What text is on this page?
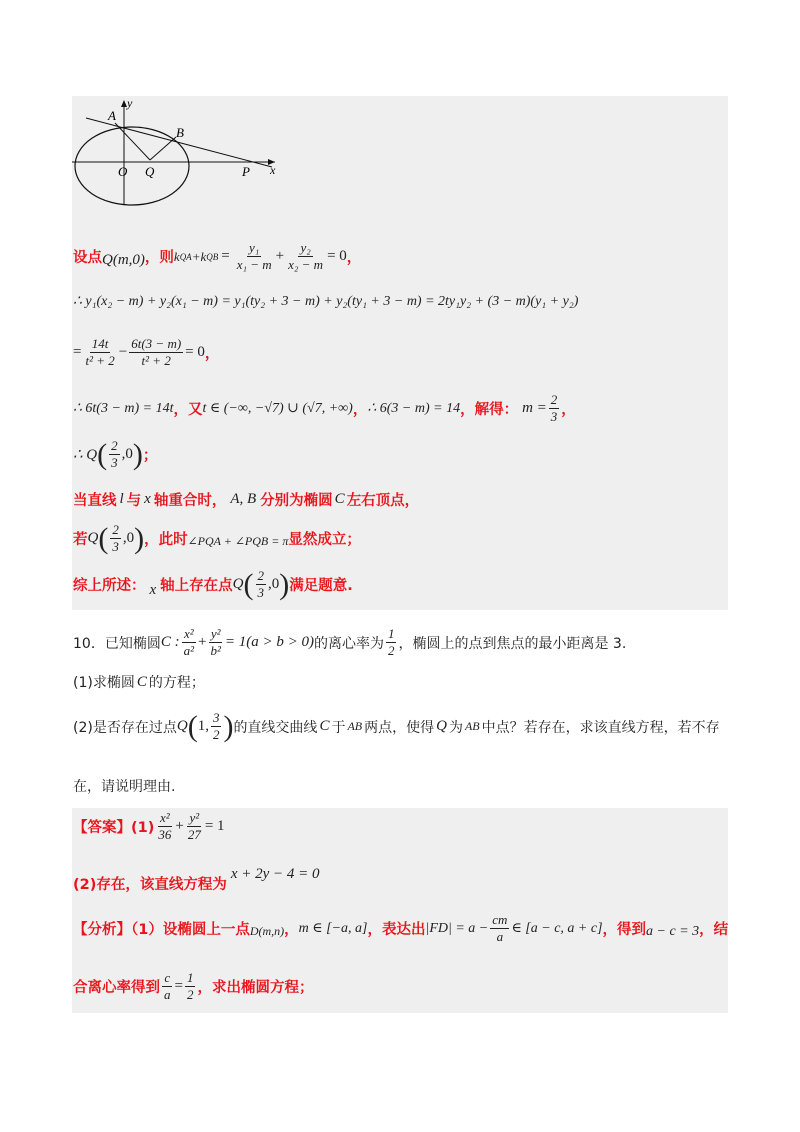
y
x
A
B
O Q	P
设点 Q(m,0) ，则 k QA +k QB = $\frac{\text{y₁}}{\text{x₁ − m}} + \frac{\text{y₂}}{\text{x₂ − m}} = 0$ ，
∴ y₁(x₂ − m) + y₂(x₁ − m) = y₁(ty₂ + 3 − m) + y₂(ty₁ + 3 − m) = 2ty₁y₂ + (3 − m)(y₁ + y₂)
= $\frac{14t}{\text{t² + 2}} - \frac{6t(3 - m)}{\text{t² + 2}} = 0$ ，
∴ 6t(3 − m) = 14t ，又 t ∈ (−∞, −√7) ∪ (√7, +∞) ， ∴ 6(3 − m) = 14 ，解得： $m = \frac{2}{3}$ ，
∴ Q ( $\frac{2}{3} ,0$ ) ；
当直线 l 与 x 轴重合时， A, B 分别为椭圆 C 左右顶点，
若 Q ( $\frac{2}{3} ,0$ ) ，此时 ∠PQA + ∠PQB = π 显然成立；
综上所述： x 轴上存在点 Q ( $\frac{2}{3} ,0$ ) 满足题意.
10．已知椭圆 C : $\frac{\text{x²}}{\text{a²}} + \frac{\text{y²}}{\text{b²}} = 1(a > b > 0)$ 的离心率为 $\frac{1}{2}$ ，椭圆上的点到焦点的最小距离是 3.
(1)求椭圆 C 的方程；
(2)是否存在过点 Q ( 1, $\frac{3}{2}$ ) 的直线交曲线 C 于 AB 两点，使得 Q 为 AB 中点？若存在，求该直线方程，若不存
在，请说明理由.
【答案】$(1) \frac{\text{x²}}{36} + \frac{\text{y²}}{27} = 1$
(2)存在，该直线方程为
x + 2y − 4 = 0
【分析】（1）设椭圆上一点 D(m,n) ， m ∈ [−a, a] ，表达出 $|FD| = a - \frac{cm}{a}$ ∈ [a − c, a + c] ，得到 a − c = 3 ，结
合离心率得到 $\frac{c}{a} = \frac{1}{2}$ ，求出椭圆方程；
